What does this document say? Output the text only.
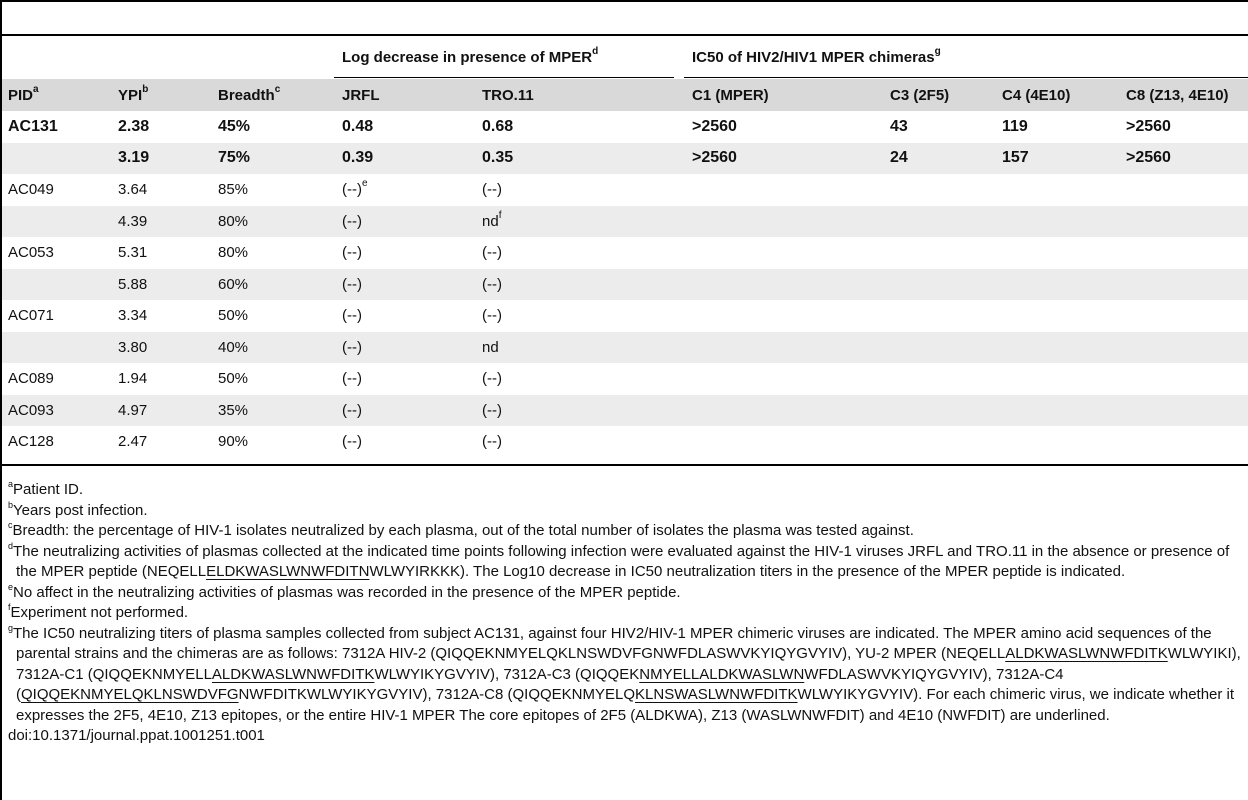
			Log decrease in presence of MPER$^d$		IC50 of HIV2/HIV1 MPER chimeras$^g$
PID$^a$	YPI$^b$	Breadth$^c$	JRFL	TRO.11	C1 (MPER)	C3 (2F5)	C4 (4E10)	C8 (Z13, 4E10)
AC131	2.38	45%	0.48	0.68	>2560	43	119	>2560
	3.19	75%	0.39	0.35	>2560	24	157	>2560
AC049	3.64	85%	$(--)^e$	(--)				
	4.39	80%	(--)	$nd^f$				
AC053	5.31	80%	(--)	(--)				
	5.88	60%	(--)	(--)				
AC071	3.34	50%	(--)	(--)				
	3.80	40%	(--)	nd				
AC089	1.94	50%	(--)	(--)				
AC093	4.97	35%	(--)	(--)				
AC128	2.47	90%	(--)	(--)				

$^a$Patient ID.

$^b$Years post infection.

$^c$Breadth: the percentage of HIV-1 isolates neutralized by each plasma, out of the total number of isolates the plasma was tested against.

$^d$The neutralizing activities of plasmas collected at the indicated time points following infection were evaluated against the HIV-1 viruses JRFL and TRO.11 in the absence or presence of the MPER peptide (NEQELLELDKWASLWNWFDITNWLWYIRKKK). The Log10 decrease in IC50 neutralization titers in the presence of the MPER peptide is indicated.

$^e$No affect in the neutralizing activities of plasmas was recorded in the presence of the MPER peptide.

$^f$Experiment not performed.

$^g$The IC50 neutralizing titers of plasma samples collected from subject AC131, against four HIV2/HIV-1 MPER chimeric viruses are indicated. The MPER amino acid sequences of the parental strains and the chimeras are as follows: 7312A HIV-2 (QIQQEKNMYELQKLNSWDVFGNWFDLASWVKYIQYGVYIV), YU-2 MPER (NEQELLALDKWASLWNWFDITKWLWYIKI), 7312A-C1 (QIQQEKNMYELLALDKWASLWNWFDITKWLWYIKYGVYIV), 7312A-C3 (QIQQEKNMYELLALDKWASLWNWFDLASWVKYIQYGVYIV), 7312A-C4 (QIQQEKNMYELQKLNSWDVFGNWFDITKWLWYIKYGVYIV), 7312A-C8 (QIQQEKNMYELQKLNSWASLWNWFDITKWLWYIKYGVYIV). For each chimeric virus, we indicate whether it expresses the 2F5, 4E10, Z13 epitopes, or the entire HIV-1 MPER The core epitopes of 2F5 (ALDKWA), Z13 (WASLWNWFDIT) and 4E10 (NWFDIT) are underlined.

doi:10.1371/journal.ppat.1001251.t001
